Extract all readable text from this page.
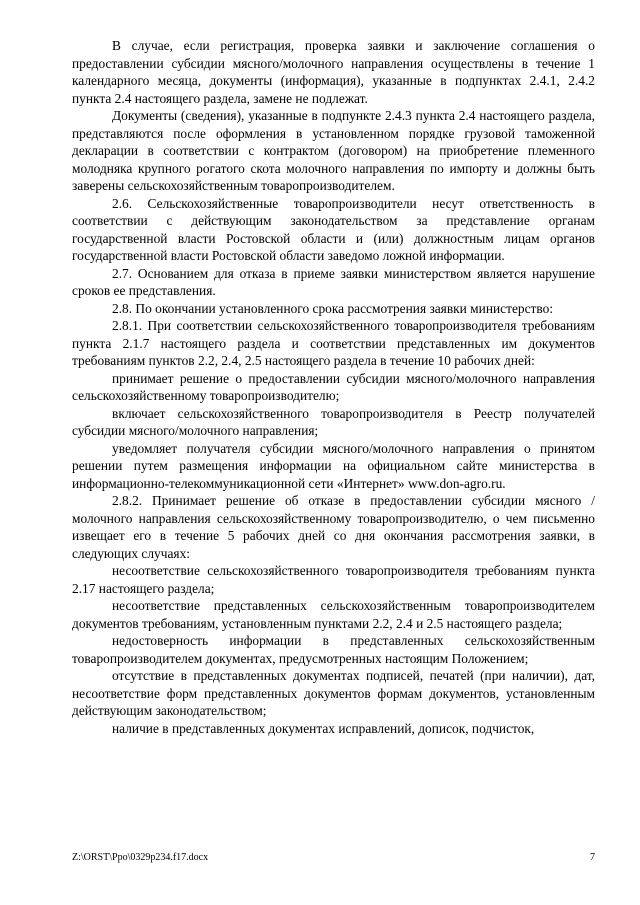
В случае, если регистрация, проверка заявки и заключение соглашения о предоставлении субсидии мясного/молочного направления осуществлены в течение 1 календарного месяца, документы (информация), указанные в подпунктах 2.4.1, 2.4.2 пункта 2.4 настоящего раздела, замене не подлежат.

Документы (сведения), указанные в подпункте 2.4.3 пункта 2.4 настоящего раздела, представляются после оформления в установленном порядке грузовой таможенной декларации в соответствии с контрактом (договором) на приобретение племенного молодняка крупного рогатого скота молочного направления по импорту и должны быть заверены сельскохозяйственным товаропроизводителем.

2.6. Сельскохозяйственные товаропроизводители несут ответственность в соответствии с действующим законодательством за представление органам государственной власти Ростовской области и (или) должностным лицам органов государственной власти Ростовской области заведомо ложной информации.

2.7. Основанием для отказа в приеме заявки министерством является нарушение сроков ее представления.

2.8. По окончании установленного срока рассмотрения заявки министерство:

2.8.1. При соответствии сельскохозяйственного товаропроизводителя требованиям пункта 2.1.7 настоящего раздела и соответствии представленных им документов требованиям пунктов 2.2, 2.4, 2.5 настоящего раздела в течение 10 рабочих дней:

принимает решение о предоставлении субсидии мясного/молочного направления сельскохозяйственному товаропроизводителю;

включает сельскохозяйственного товаропроизводителя в Реестр получателей субсидии мясного/молочного направления;

уведомляет получателя субсидии мясного/молочного направления о принятом решении путем размещения информации на официальном сайте министерства в информационно-телекоммуникационной сети «Интернет» www.don-agro.ru.

2.8.2. Принимает решение об отказе в предоставлении субсидии мясного /молочного направления сельскохозяйственному товаропроизводителю, о чем письменно извещает его в течение 5 рабочих дней со дня окончания рассмотрения заявки, в следующих случаях:

несоответствие сельскохозяйственного товаропроизводителя требованиям пункта 2.17 настоящего раздела;

несоответствие представленных сельскохозяйственным товаропроизводителем документов требованиям, установленным пунктами 2.2, 2.4 и 2.5 настоящего раздела;

недостоверность информации в представленных сельскохозяйственным товаропроизводителем документах, предусмотренных настоящим Положением;

отсутствие в представленных документах подписей, печатей (при наличии), дат, несоответствие форм представленных документов формам документов, установленным действующим законодательством;

наличие в представленных документах исправлений, дописок, подчисток,

Z:\ORST\Ppo\0329p234.f17.docx	7
